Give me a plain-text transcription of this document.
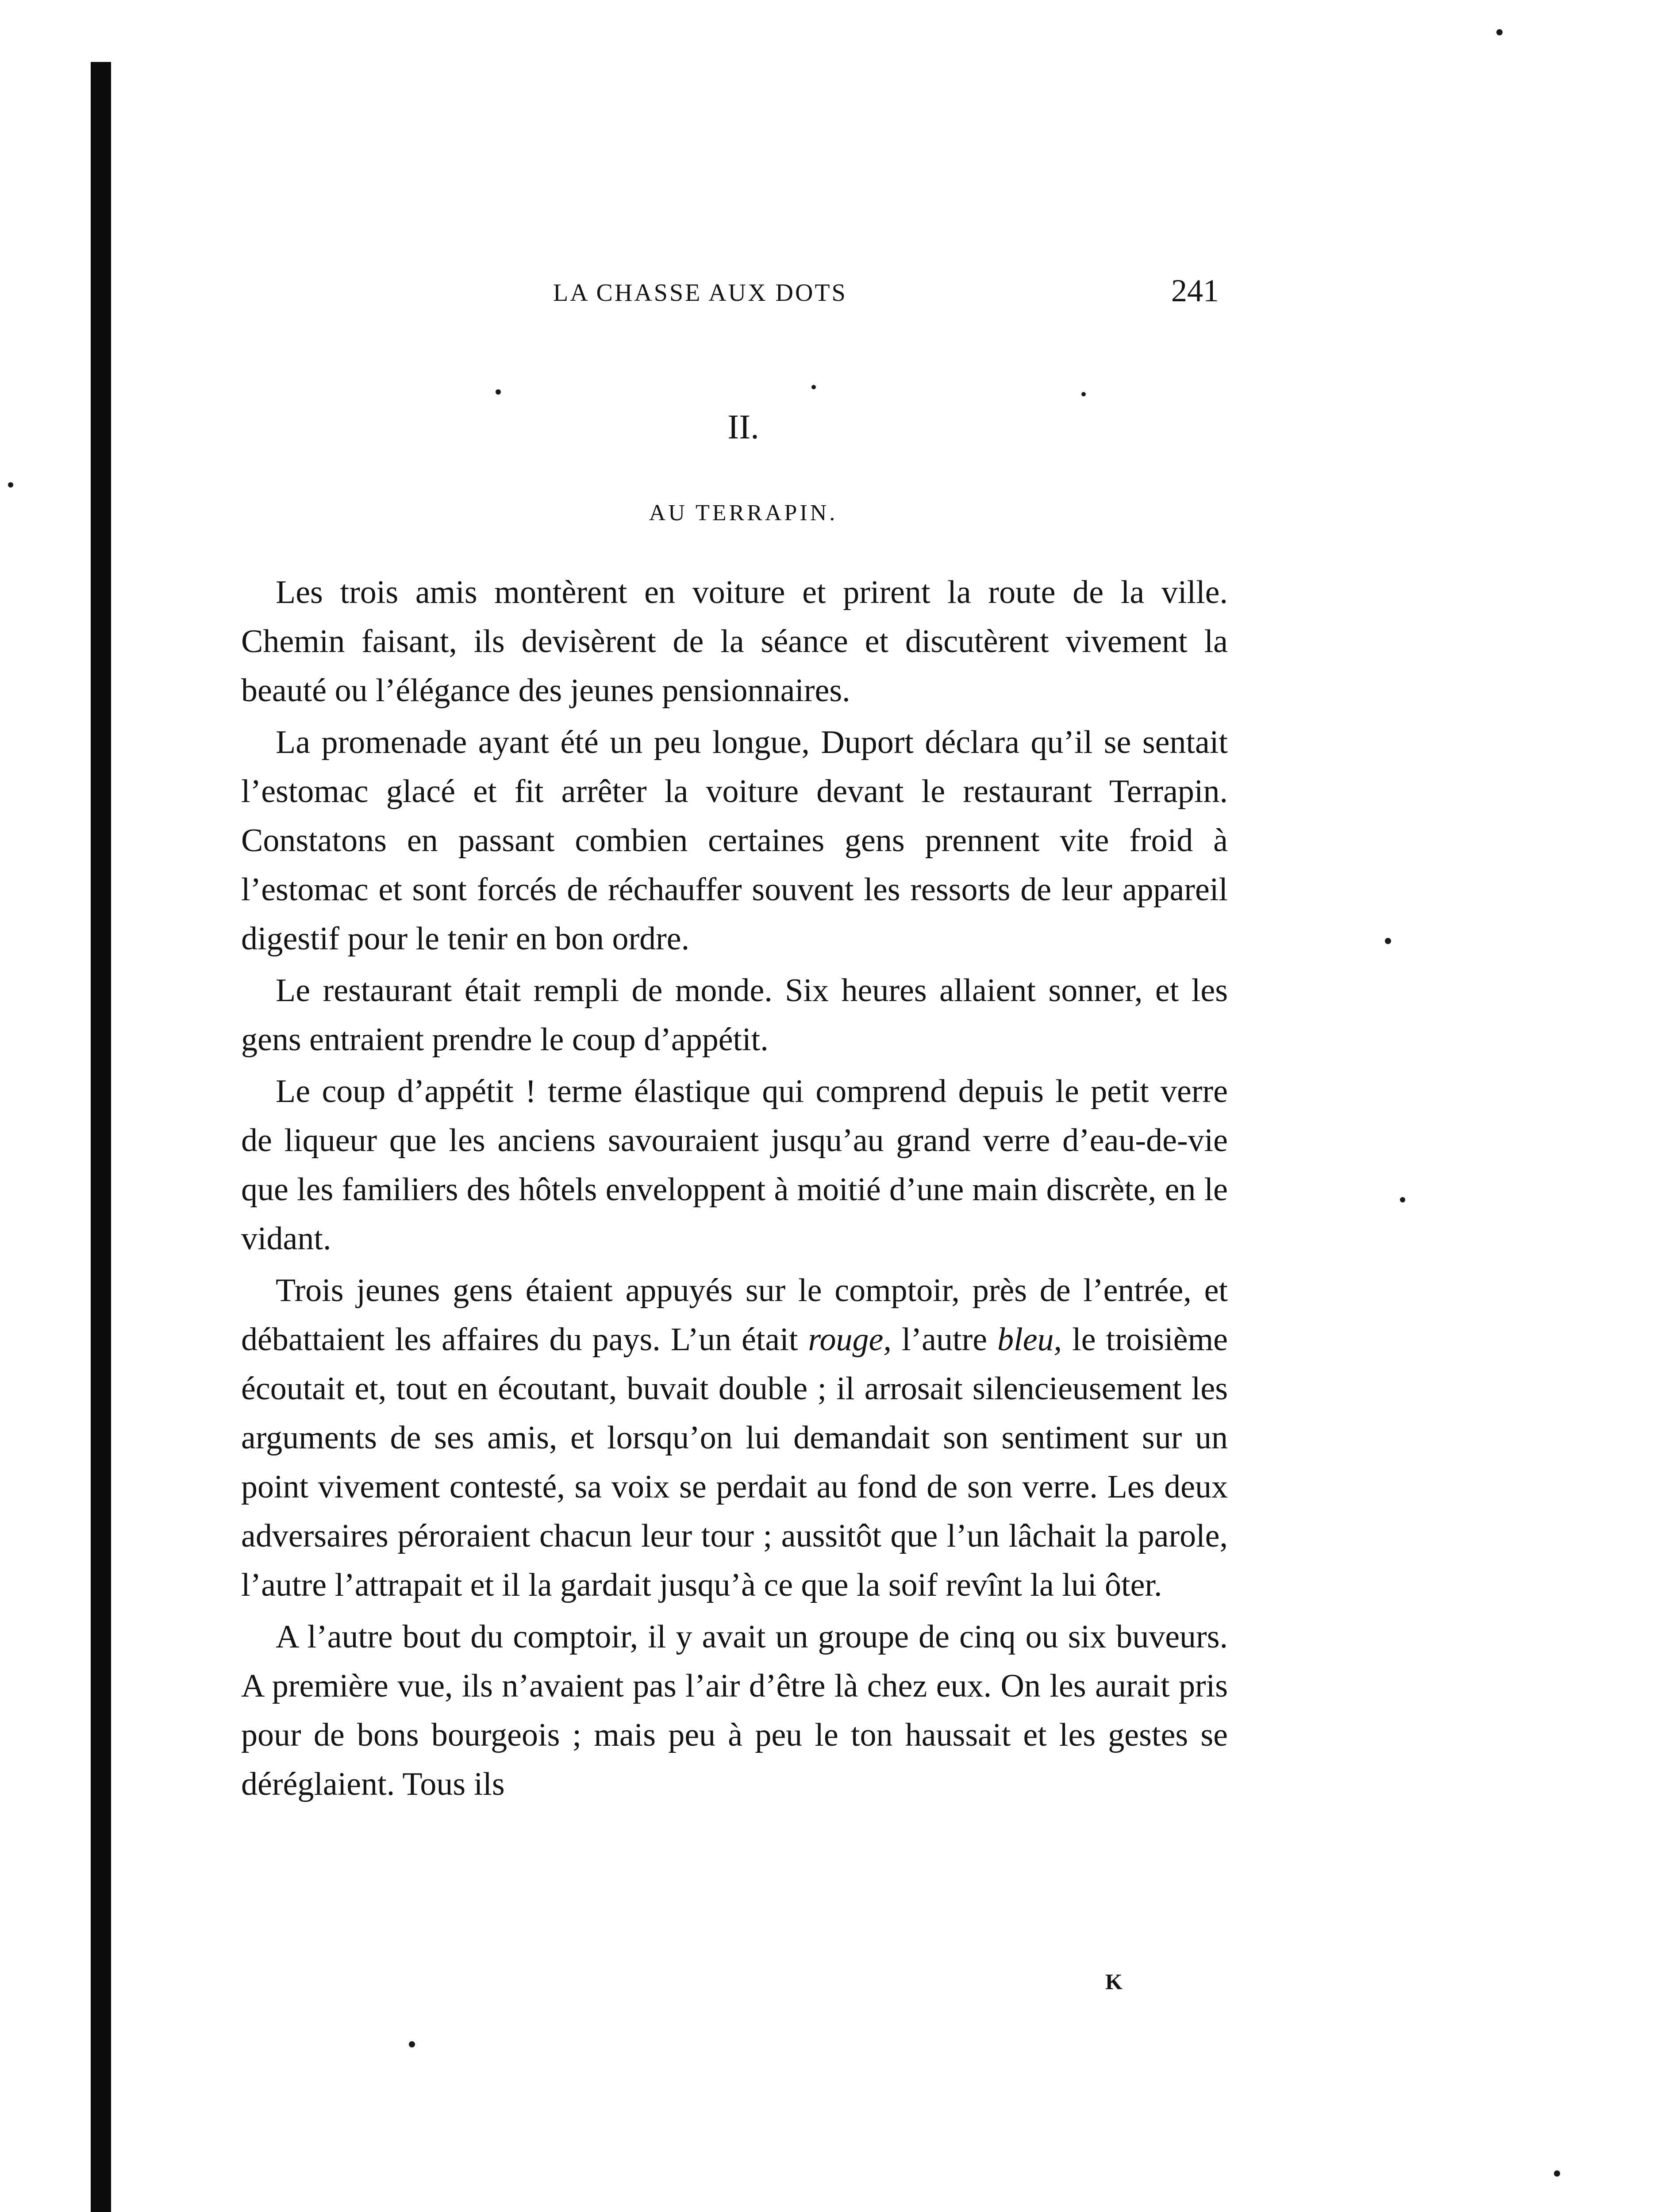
LA CHASSE AUX DOTS	241
II.
AU TERRAPIN.

Les trois amis montèrent en voiture et prirent la route de la ville. Chemin faisant, ils devisèrent de la séance et discutèrent vivement la beauté ou l’élégance des jeunes pensionnaires.

La promenade ayant été un peu longue, Duport déclara qu’il se sentait l’estomac glacé et fit arrêter la voiture devant le restaurant Terrapin. Constatons en passant combien certaines gens prennent vite froid à l’estomac et sont forcés de réchauffer souvent les ressorts de leur appareil digestif pour le tenir en bon ordre.

Le restaurant était rempli de monde. Six heures allaient sonner, et les gens entraient prendre le coup d’appétit.

Le coup d’appétit ! terme élastique qui comprend depuis le petit verre de liqueur que les anciens savouraient jusqu’au grand verre d’eau-de-vie que les familiers des hôtels enveloppent à moitié d’une main discrète, en le vidant.

Trois jeunes gens étaient appuyés sur le comptoir, près de l’entrée, et débattaient les affaires du pays. L’un était rouge, l’autre bleu, le troisième écoutait et, tout en écoutant, buvait double ; il arrosait silencieusement les arguments de ses amis, et lorsqu’on lui demandait son sentiment sur un point vivement contesté, sa voix se perdait au fond de son verre. Les deux adversaires péroraient chacun leur tour ; aussitôt que l’un lâchait la parole, l’autre l’attrapait et il la gardait jusqu’à ce que la soif revînt la lui ôter.

A l’autre bout du comptoir, il y avait un groupe de cinq ou six buveurs. A première vue, ils n’avaient pas l’air d’être là chez eux. On les aurait pris pour de bons bourgeois ; mais peu à peu le ton haussait et les gestes se déréglaient. Tous ils

K
